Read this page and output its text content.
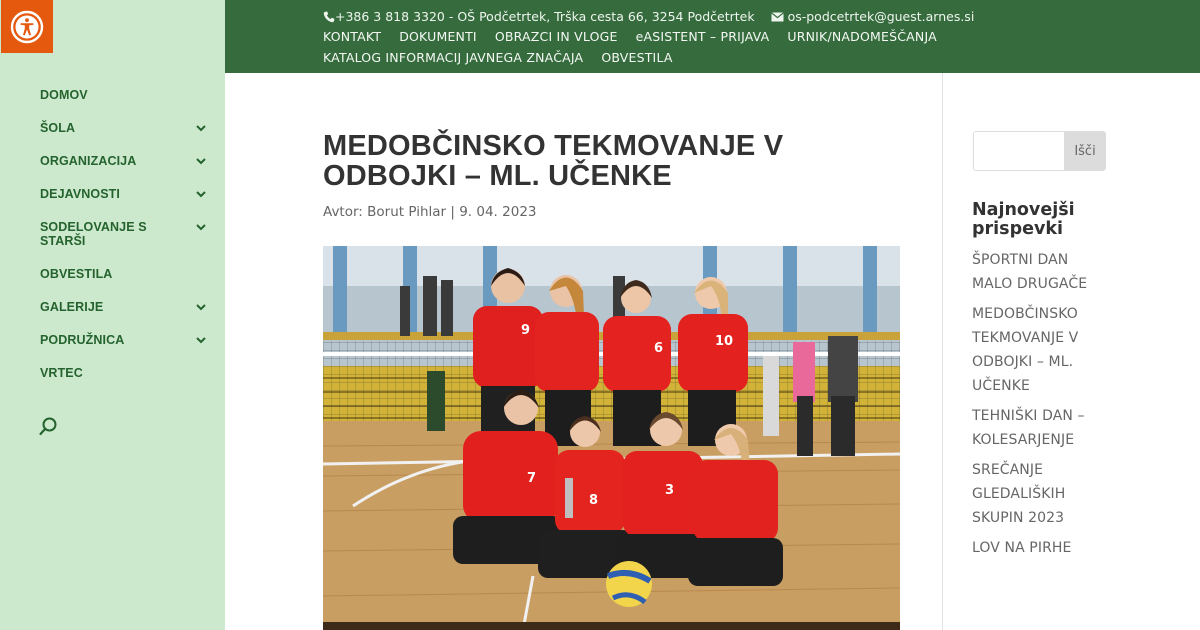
DOMOV
ŠOLA
ORGANIZACIJA
DEJAVNOSTI
SODELOVANJE S STARŠI
OBVESTILA
GALERIJE
PODRUŽNICA
VRTEC
+386 3 818 3320 - OŠ Podčetrtek, Trška cesta 66, 3254 Podčetrtek	os-podcetrtek@guest.arnes.si
KONTAKT DOKUMENTI OBRAZCI IN VLOGE eASISTENT – PRIJAVA URNIK/NADOMEŠČANJA
KATALOG INFORMACIJ JAVNEGA ZNAČAJA OBVESTILA
MEDOBČINSKO TEKMOVANJE V ODBOJKI – ML. UČENKE
Avtor: Borut Pihlar | 9. 04. 2023
9
6	10
7
8
3
Išči
Najnovejši prispevki
ŠPORTNI DAN MALO DRUGAČE
MEDOBČINSKO TEKMOVANJE V ODBOJKI – ML. UČENKE
TEHNIŠKI DAN – KOLESARJENJE
SREČANJE GLEDALIŠKIH SKUPIN 2023
LOV NA PIRHE
